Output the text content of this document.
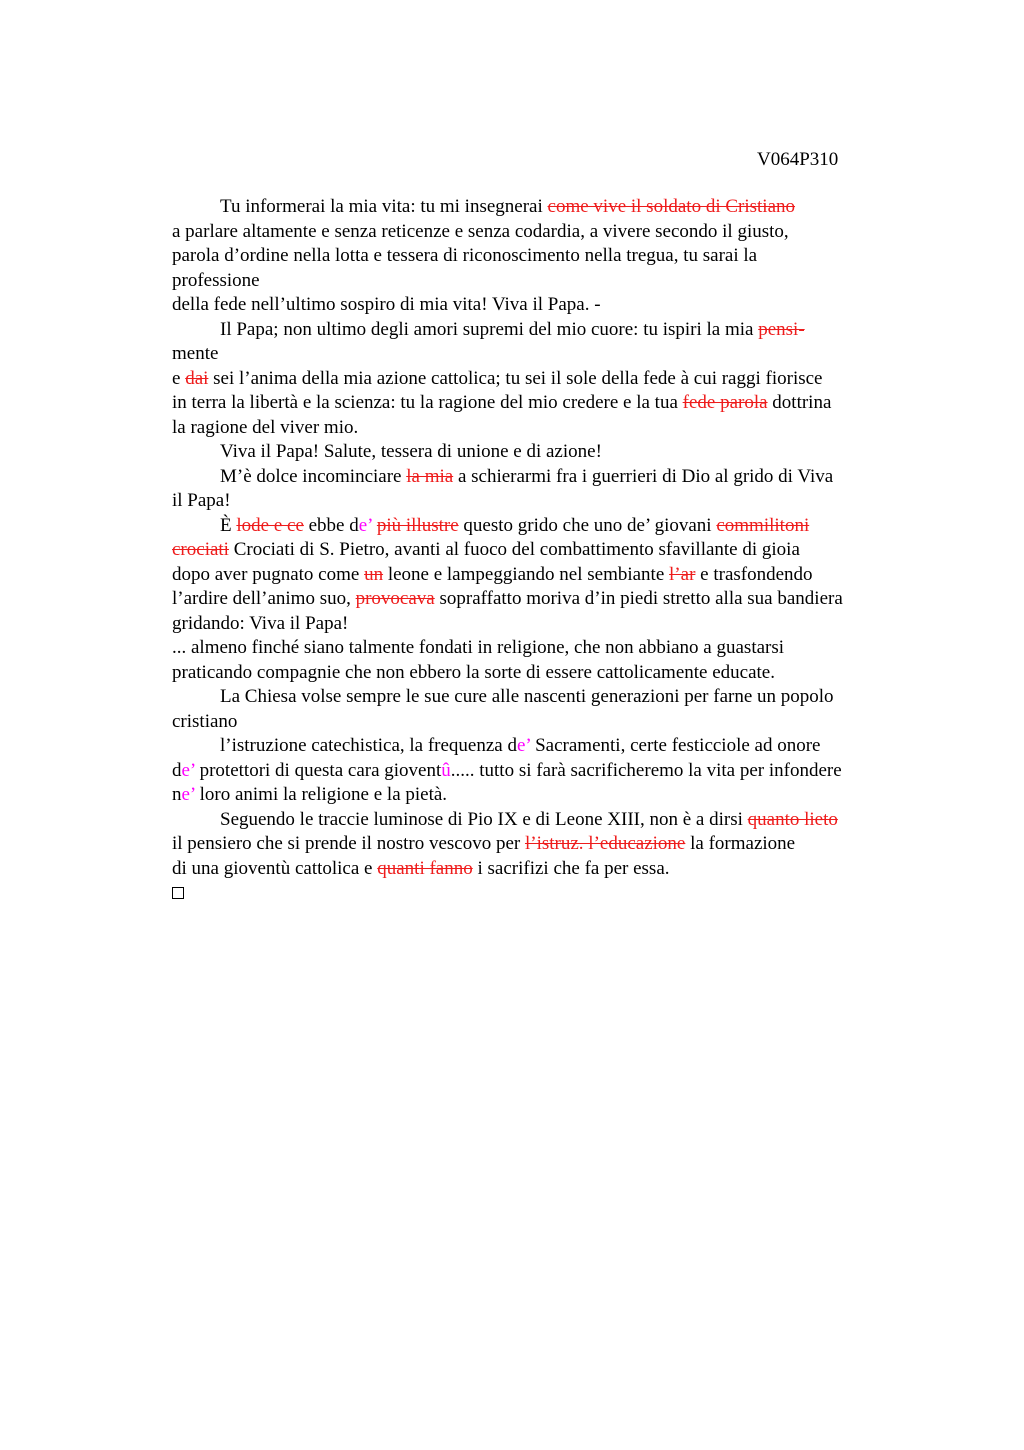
V064P310
Tu informerai la mia vita: tu mi insegnerai come vive il soldato di Cristiano
a parlare altamente e senza reticenze e senza codardia, a vivere secondo il giusto,
parola d’ordine nella lotta e tessera di riconoscimento nella tregua, tu sarai la
professione
della fede nell’ultimo sospiro di mia vita! Viva il Papa. -
Il Papa; non ultimo degli amori supremi del mio cuore: tu ispiri la mia pensi-
mente
e dai sei l’anima della mia azione cattolica; tu sei il sole della fede à cui raggi fiorisce
in terra la libertà e la scienza: tu la ragione del mio credere e la tua fede parola dottrina
la ragione del viver mio.
Viva il Papa! Salute, tessera di unione e di azione!
M’è dolce incominciare la mia a schierarmi fra i guerrieri di Dio al grido di Viva
il Papa!
È lode e ce ebbe de’ più illustre questo grido che uno de’ giovani commilitoni
crociati Crociati di S. Pietro, avanti al fuoco del combattimento sfavillante di gioia
dopo aver pugnato come un leone e lampeggiando nel sembiante l’ar e trasfondendo
l’ardire dell’animo suo, provocava sopraffatto moriva d’in piedi stretto alla sua bandiera
gridando: Viva il Papa!
... almeno finché siano talmente fondati in religione, che non abbiano a guastarsi
praticando compagnie che non ebbero la sorte di essere cattolicamente educate.
La Chiesa volse sempre le sue cure alle nascenti generazioni per farne un popolo
cristiano
l’istruzione catechistica, la frequenza de’ Sacramenti, certe festicciole ad onore
de’ protettori di questa cara gioventû..... tutto si farà sacrificheremo la vita per infondere
ne’ loro animi la religione e la pietà.
Seguendo le traccie luminose di Pio IX e di Leone XIII, non è a dirsi quanto lieto
il pensiero che si prende il nostro vescovo per l’istruz. l’educazione la formazione
di una gioventù cattolica e quanti fanno i sacrifizi che fa per essa.
